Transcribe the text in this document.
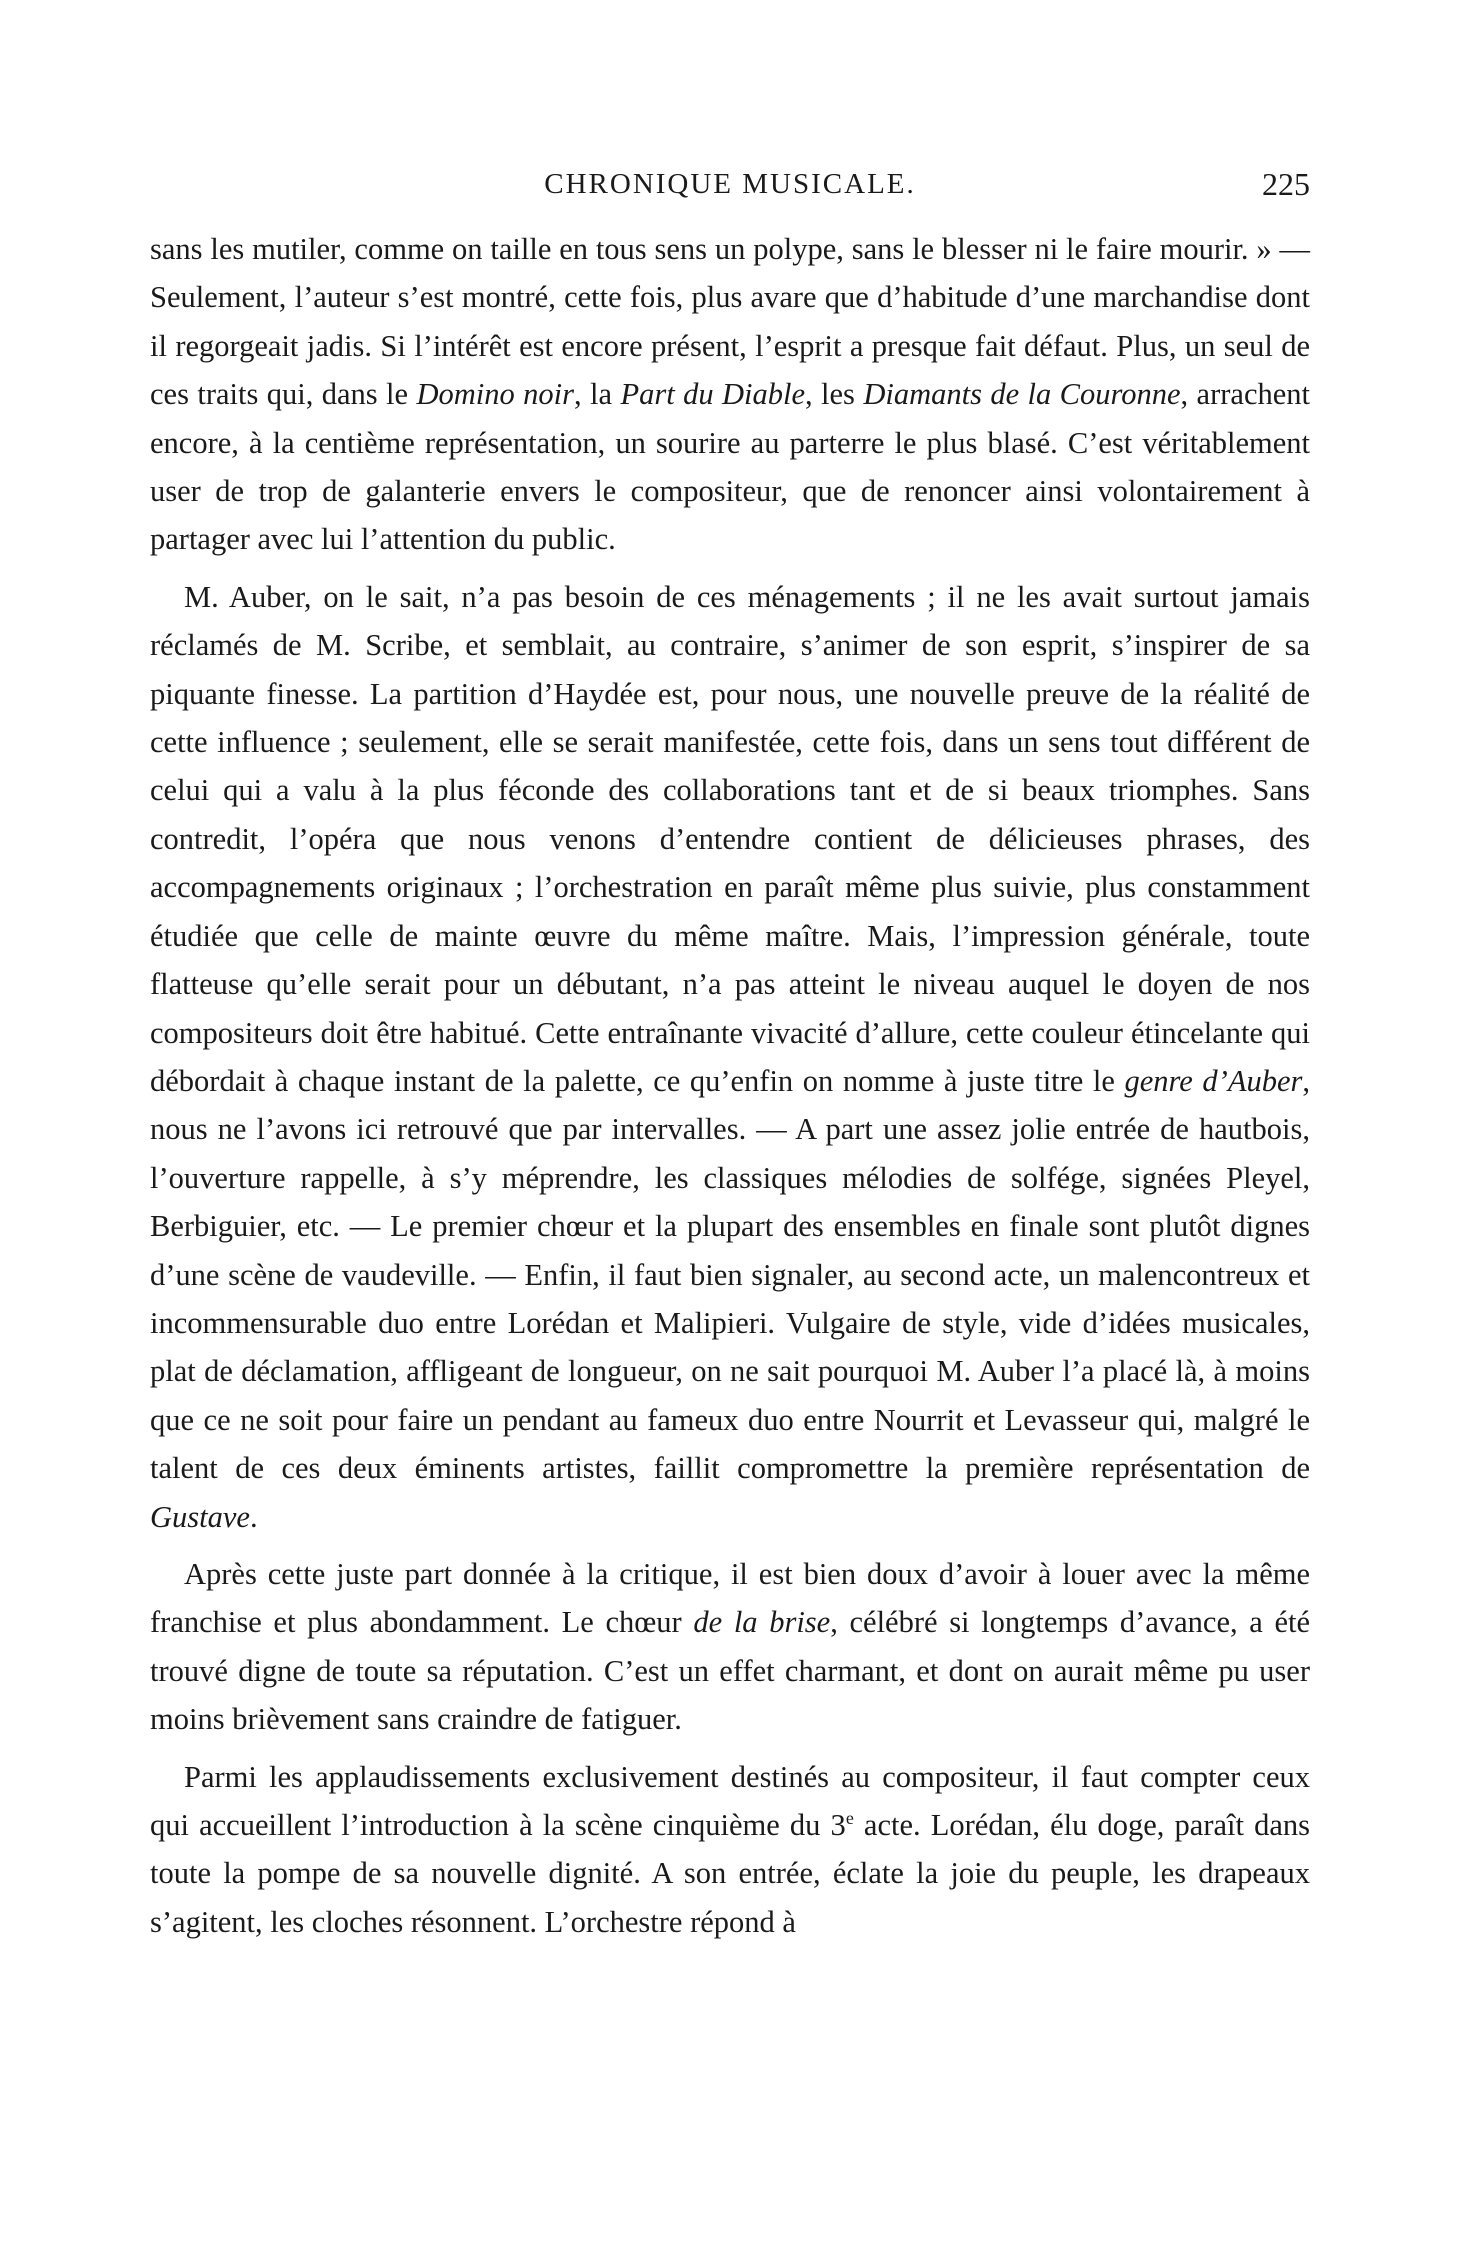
CHRONIQUE MUSICALE.	225

sans les mutiler, comme on taille en tous sens un polype, sans le blesser ni le faire mourir. » — Seulement, l’auteur s’est montré, cette fois, plus avare que d’habitude d’une marchandise dont il regorgeait jadis. Si l’intérêt est encore présent, l’esprit a presque fait défaut. Plus, un seul de ces traits qui, dans le Domino noir, la Part du Diable, les Diamants de la Couronne, arrachent encore, à la centième représentation, un sourire au parterre le plus blasé. C’est véritablement user de trop de galanterie envers le compositeur, que de renoncer ainsi volontairement à partager avec lui l’attention du public.

M. Auber, on le sait, n’a pas besoin de ces ménagements ; il ne les avait surtout jamais réclamés de M. Scribe, et semblait, au contraire, s’animer de son esprit, s’inspirer de sa piquante finesse. La partition d’Haydée est, pour nous, une nouvelle preuve de la réalité de cette influence ; seulement, elle se serait manifestée, cette fois, dans un sens tout différent de celui qui a valu à la plus féconde des collaborations tant et de si beaux triomphes. Sans contredit, l’opéra que nous venons d’entendre contient de délicieuses phrases, des accompagnements originaux ; l’orchestration en paraît même plus suivie, plus constamment étudiée que celle de mainte œuvre du même maître. Mais, l’impression générale, toute flatteuse qu’elle serait pour un débutant, n’a pas atteint le niveau auquel le doyen de nos compositeurs doit être habitué. Cette entraînante vivacité d’allure, cette couleur étincelante qui débordait à chaque instant de la palette, ce qu’enfin on nomme à juste titre le genre d’Auber, nous ne l’avons ici retrouvé que par intervalles. — A part une assez jolie entrée de hautbois, l’ouverture rappelle, à s’y méprendre, les classiques mélodies de solfége, signées Pleyel, Berbiguier, etc. — Le premier chœur et la plupart des ensembles en finale sont plutôt dignes d’une scène de vaudeville. — Enfin, il faut bien signaler, au second acte, un malencontreux et incommensurable duo entre Lorédan et Malipieri. Vulgaire de style, vide d’idées musicales, plat de déclamation, affligeant de longueur, on ne sait pourquoi M. Auber l’a placé là, à moins que ce ne soit pour faire un pendant au fameux duo entre Nourrit et Levasseur qui, malgré le talent de ces deux éminents artistes, faillit compromettre la première représentation de Gustave.

Après cette juste part donnée à la critique, il est bien doux d’avoir à louer avec la même franchise et plus abondamment. Le chœur de la brise, célébré si longtemps d’avance, a été trouvé digne de toute sa réputation. C’est un effet charmant, et dont on aurait même pu user moins brièvement sans craindre de fatiguer.

Parmi les applaudissements exclusivement destinés au compositeur, il faut compter ceux qui accueillent l’introduction à la scène cinquième du 3e acte. Lorédan, élu doge, paraît dans toute la pompe de sa nouvelle dignité. A son entrée, éclate la joie du peuple, les drapeaux s’agitent, les cloches résonnent. L’orchestre répond à
